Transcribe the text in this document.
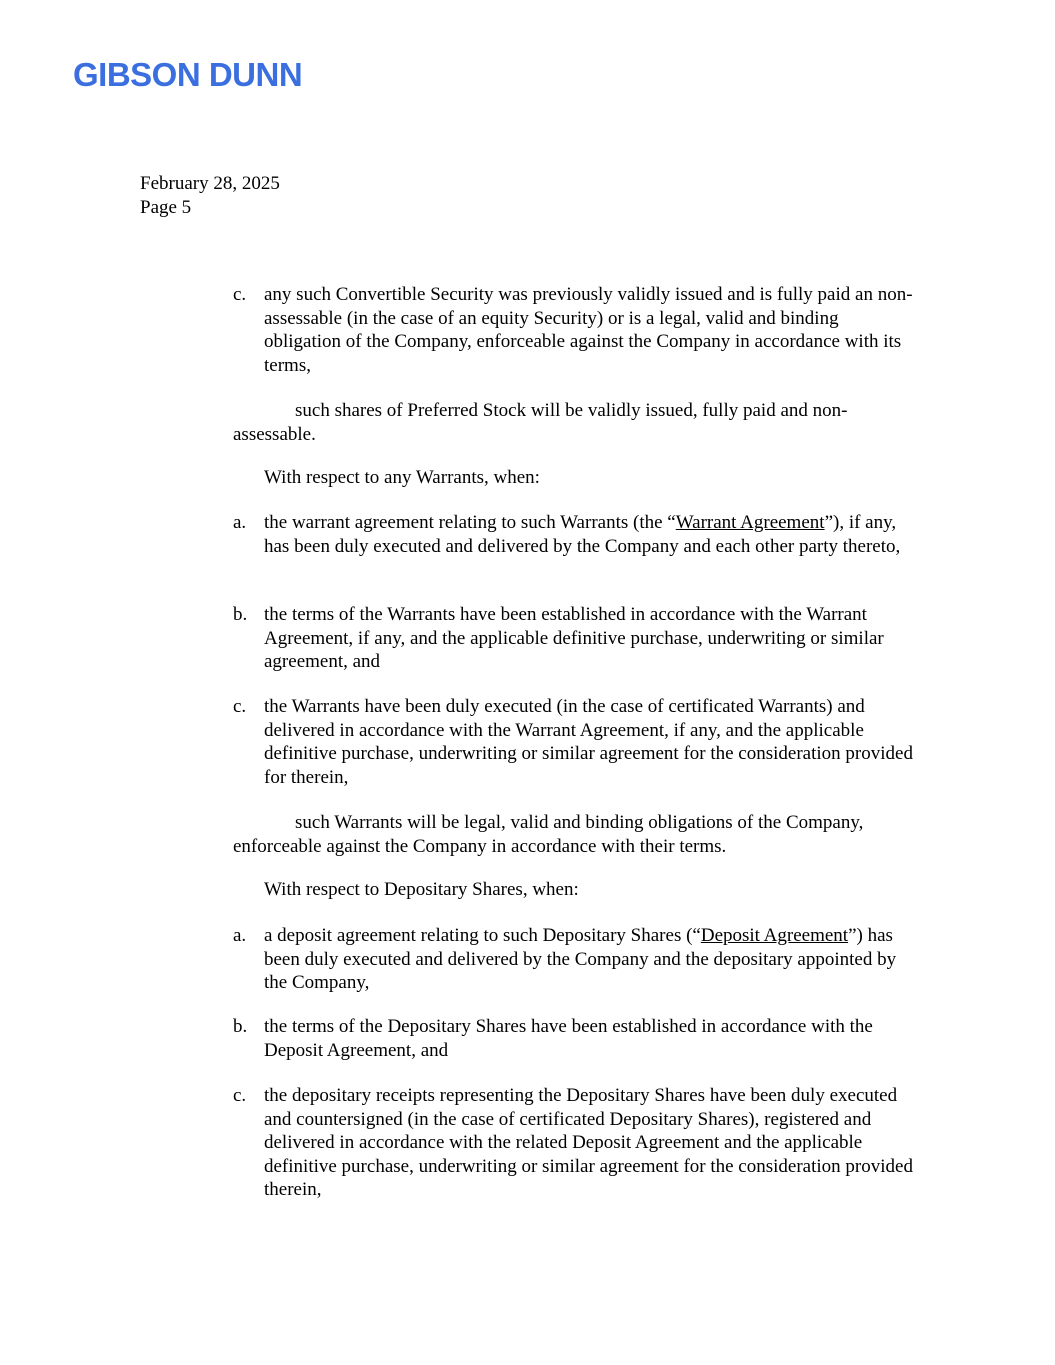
GIBSON DUNN
February 28, 2025
Page 5
c. any such Convertible Security was previously validly issued and is fully paid an non-assessable (in the case of an equity Security) or is a legal, valid and binding obligation of the Company, enforceable against the Company in accordance with its terms,
such shares of Preferred Stock will be validly issued, fully paid and non-assessable.
With respect to any Warrants, when:
a. the warrant agreement relating to such Warrants (the “Warrant Agreement”), if any, has been duly executed and delivered by the Company and each other party thereto,
b. the terms of the Warrants have been established in accordance with the Warrant Agreement, if any, and the applicable definitive purchase, underwriting or similar agreement, and
c. the Warrants have been duly executed (in the case of certificated Warrants) and delivered in accordance with the Warrant Agreement, if any, and the applicable definitive purchase, underwriting or similar agreement for the consideration provided for therein,
such Warrants will be legal, valid and binding obligations of the Company, enforceable against the Company in accordance with their terms.
With respect to Depositary Shares, when:
a. a deposit agreement relating to such Depositary Shares (“Deposit Agreement”) has been duly executed and delivered by the Company and the depositary appointed by the Company,
b. the terms of the Depositary Shares have been established in accordance with the Deposit Agreement, and
c. the depositary receipts representing the Depositary Shares have been duly executed and countersigned (in the case of certificated Depositary Shares), registered and delivered in accordance with the related Deposit Agreement and the applicable definitive purchase, underwriting or similar agreement for the consideration provided therein,
